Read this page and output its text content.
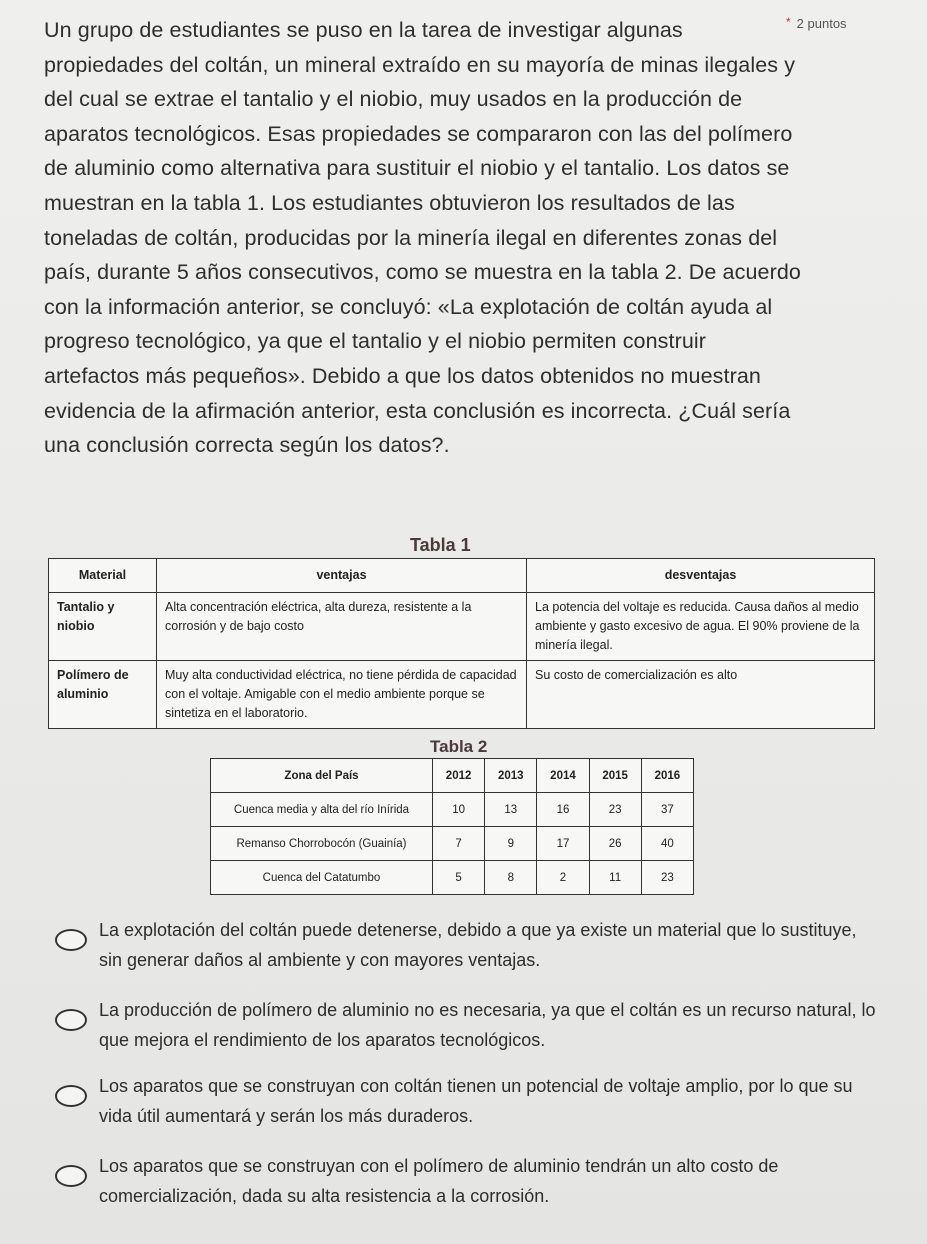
Un grupo de estudiantes se puso en la tarea de investigar algunas propiedades del coltán, un mineral extraído en su mayoría de minas ilegales y del cual se extrae el tantalio y el niobio, muy usados en la producción de aparatos tecnológicos. Esas propiedades se compararon con las del polímero de aluminio como alternativa para sustituir el niobio y el tantalio. Los datos se muestran en la tabla 1. Los estudiantes obtuvieron los resultados de las toneladas de coltán, producidas por la minería ilegal en diferentes zonas del país, durante 5 años consecutivos, como se muestra en la tabla 2. De acuerdo con la información anterior, se concluyó: «La explotación de coltán ayuda al progreso tecnológico, ya que el tantalio y el niobio permiten construir artefactos más pequeños». Debido a que los datos obtenidos no muestran evidencia de la afirmación anterior, esta conclusión es incorrecta. ¿Cuál sería una conclusión correcta según los datos?.

* 2 puntos
Tabla 1
Material	ventajas	desventajas
Tantalio y niobio	Alta concentración eléctrica, alta dureza, resistente a la corrosión y de bajo costo	La potencia del voltaje es reducida. Causa daños al medio ambiente y gasto excesivo de agua. El 90% proviene de la minería ilegal.
Polímero de aluminio	Muy alta conductividad eléctrica, no tiene pérdida de capacidad con el voltaje. Amigable con el medio ambiente porque se sintetiza en el laboratorio.	Su costo de comercialización es alto
Tabla 2
Zona del País	2012	2013	2014	2015	2016
Cuenca media y alta del río Inírida	10	13	16	23	37
Remanso Chorrobocón (Guainía)	7	9	17	26	40
Cuenca del Catatumbo	5	8	2	11	23
La explotación del coltán puede detenerse, debido a que ya existe un material que lo sustituye, sin generar daños al ambiente y con mayores ventajas.
La producción de polímero de aluminio no es necesaria, ya que el coltán es un recurso natural, lo que mejora el rendimiento de los aparatos tecnológicos.
Los aparatos que se construyan con coltán tienen un potencial de voltaje amplio, por lo que su vida útil aumentará y serán los más duraderos.
Los aparatos que se construyan con el polímero de aluminio tendrán un alto costo de comercialización, dada su alta resistencia a la corrosión.
